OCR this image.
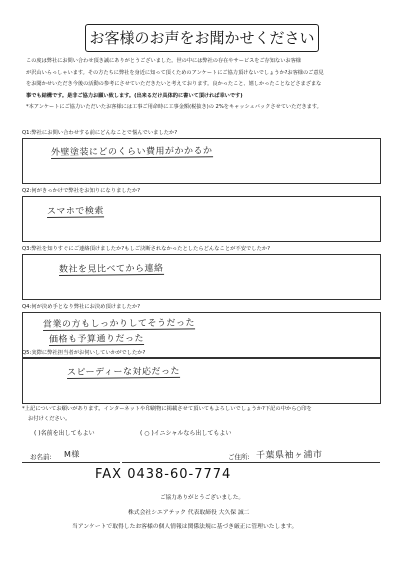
お客様のお声をお聞かせください
この度は弊社にお問い合わせ頂き誠にありがとうございました。世の中には弊社の存在やサービスをご存知ないお客様
が沢山いらっしゃいます。その方たちに弊社を身近に知って頂くためのアンケートにご協力頂けないでしょうか?お客様のご意見
をお聞かせいただき今後の活動の参考にさせていただきたいと考えております。良かったこと、嬉しかったことなどさまざまな
事でも結構です。是非ご協力お願い致します。(出来るだけ具体的に書いて頂ければ幸いです)
*本アンケートにご協力いただいたお客様には工事ご用命時に工事金額(税抜き)の 2%をキャッシュバックさせていただきます。
Q1:弊社にお問い合わせする前にどんなことで悩んでいましたか?
外壁塗装にどのくらい費用がかかるか
Q2:何がきっかけで弊社をお知りになりましたか?
スマホで検索
Q3:弊社を知りすぐにご連絡頂けましたか?もしご決断されなかったとしたらどんなことが不安でしたか?
数社を見比べてから連絡
Q4:何が決め手となり弊社にお決め頂けましたか?
営業の方もしっかりしてそうだった
価格も予算通りだった
Q5:実際に弊社担当者がお伺いしていかがでしたか?
スピーディーな対応だった
*上記についてお願いがあります。インターネットや印刷物に掲載させて頂いてもよろしいでしょうか?下記の中から○印を
お付けください。
( )名前を出してもよい	( ○ )イニシャルなら出してもよい
お名前: M様	ご住所: 千葉県袖ヶ浦市
FAX 0438-60-7774
ご協力ありがとうございました。
株式会社シエアテック 代表取締役 大久保 誠二
当アンケートで取得したお客様の個人情報は関係法規に基づき厳正に管理いたします。
